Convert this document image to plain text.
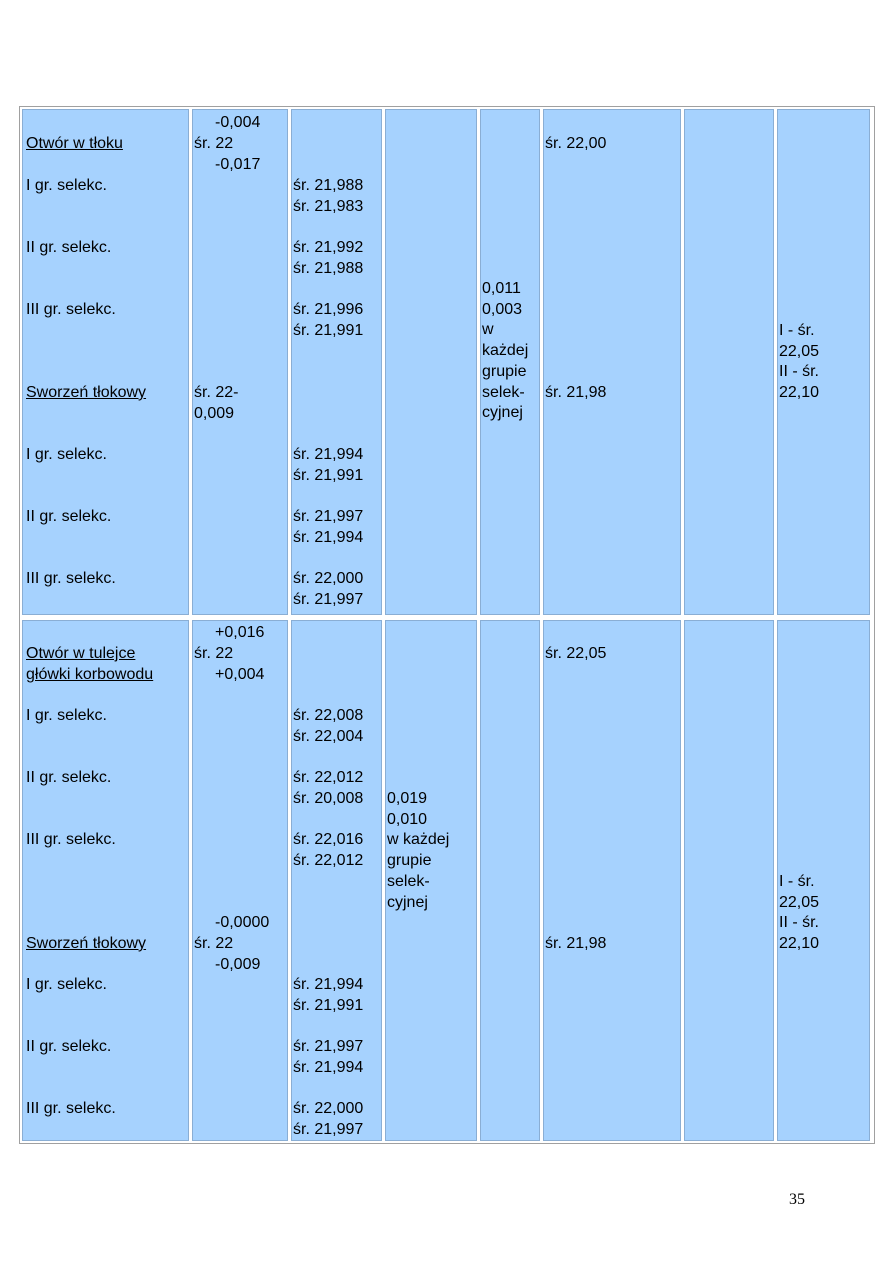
Otwór w tłoku
I gr. selekc.
II gr. selekc.
III gr. selekc.
Sworzeń tłokowy
I gr. selekc.
II gr. selekc.
III gr. selekc.
-0,004
śr. 22
-0,017
śr. 22-
0,009
śr. 21,988
śr. 21,983
śr. 21,992
śr. 21,988
śr. 21,996
śr. 21,991
śr. 21,994
śr. 21,991
śr. 21,997
śr. 21,994
śr. 22,000
śr. 21,997
0,011
0,003
w
każdej
grupie
selek-
cyjnej
śr. 22,00
śr. 21,98
I - śr.
22,05
II - śr.
22,10
Otwór w tulejce
główki korbowodu
I gr. selekc.
II gr. selekc.
III gr. selekc.
Sworzeń tłokowy
I gr. selekc.
II gr. selekc.
III gr. selekc.
+0,016
śr. 22
+0,004
-0,0000
śr. 22
-0,009
śr. 22,008
śr. 22,004
śr. 22,012
śr. 20,008
śr. 22,016
śr. 22,012
śr. 21,994
śr. 21,991
śr. 21,997
śr. 21,994
śr. 22,000
śr. 21,997
0,019
0,010
w każdej
grupie
selek-
cyjnej
śr. 22,05
śr. 21,98
I - śr.
22,05
II - śr.
22,10
35
